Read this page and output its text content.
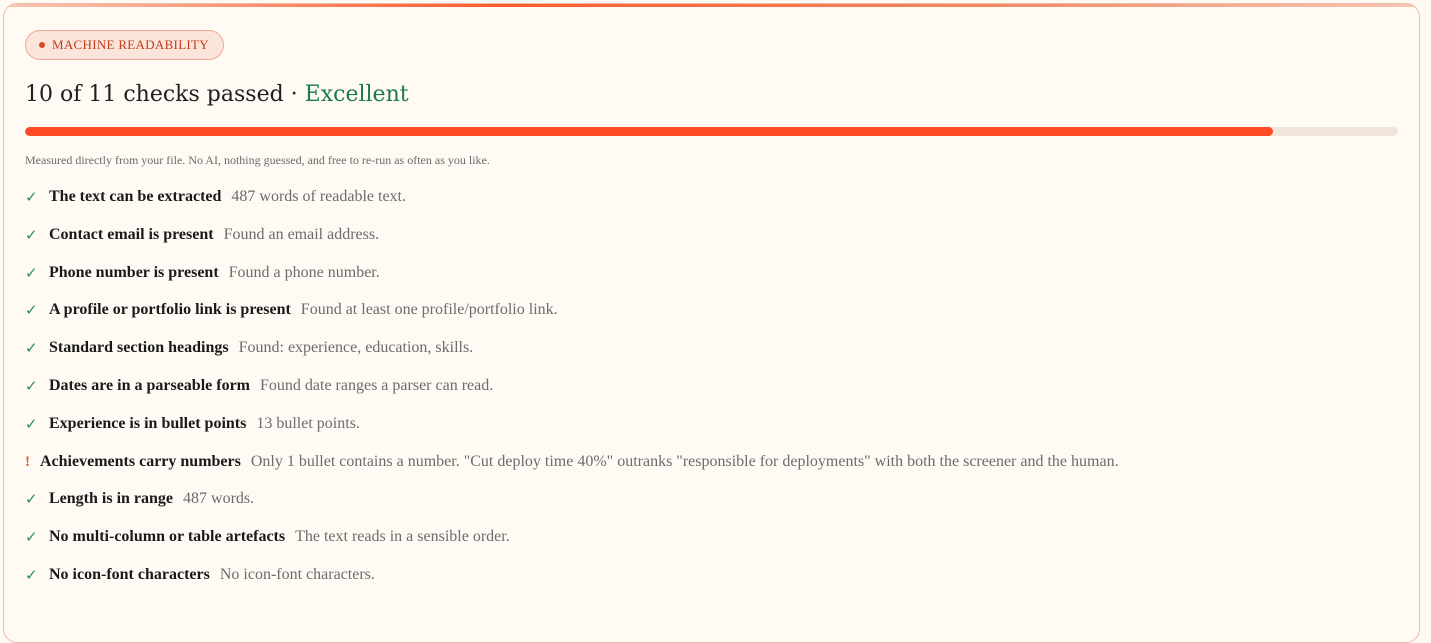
MACHINE READABILITY
10 of 11 checks passed · Excellent
Measured directly from your file. No AI, nothing guessed, and free to re-run as often as you like.
✓ The text can be extracted 487 words of readable text.
✓ Contact email is present Found an email address.
✓ Phone number is present Found a phone number.
✓ A profile or portfolio link is present Found at least one profile/portfolio link.
✓ Standard section headings Found: experience, education, skills.
✓ Dates are in a parseable form Found date ranges a parser can read.
✓ Experience is in bullet points 13 bullet points.
! Achievements carry numbers Only 1 bullet contains a number. "Cut deploy time 40%" outranks "responsible for deployments" with both the screener and the human.
✓ Length is in range 487 words.
✓ No multi-column or table artefacts The text reads in a sensible order.
✓ No icon-font characters No icon-font characters.
